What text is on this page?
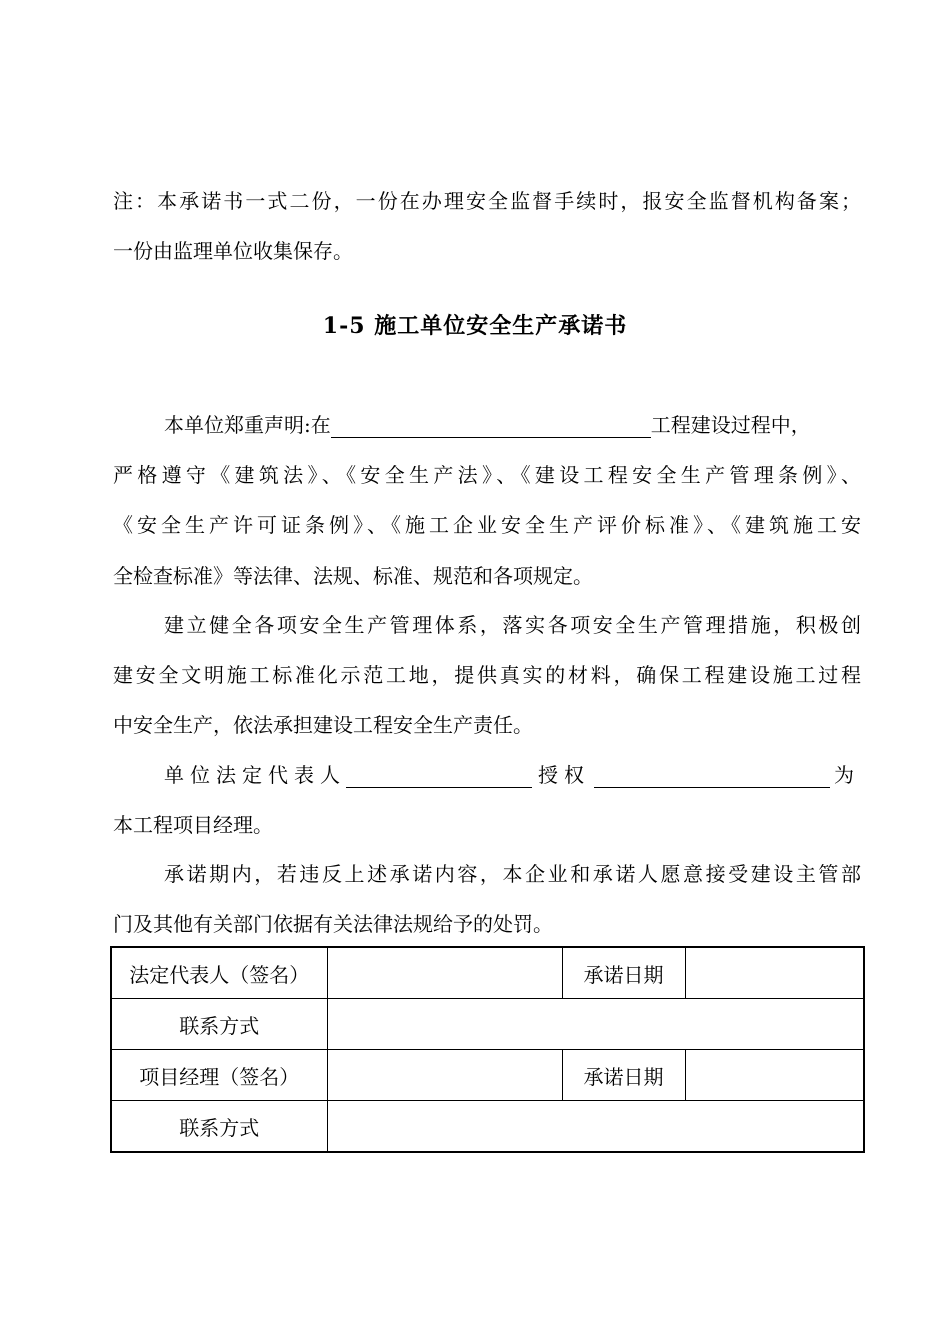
注：本承诺书一式二份，一份在办理安全监督手续时，报安全监督机构备案；
一份由监理单位收集保存。
1-5 施工单位安全生产承诺书
本单位郑重声明:在	工程建设过程中，
严格遵守《建筑法》、《安全生产法》、《建设工程安全生产管理条例》、
《安全生产许可证条例》、《施工企业安全生产评价标准》、《建筑施工安
全检查标准》等法律、法规、标准、规范和各项规定。
建立健全各项安全生产管理体系，落实各项安全生产管理措施，积极创
建安全文明施工标准化示范工地，提供真实的材料，确保工程建设施工过程
中安全生产，依法承担建设工程安全生产责任。
单位法定代表人	授权	为
本工程项目经理。
承诺期内，若违反上述承诺内容，本企业和承诺人愿意接受建设主管部
门及其他有关部门依据有关法律法规给予的处罚。
法定代表人（签名）		承诺日期	
联系方式			
项目经理（签名）		承诺日期	
联系方式			
